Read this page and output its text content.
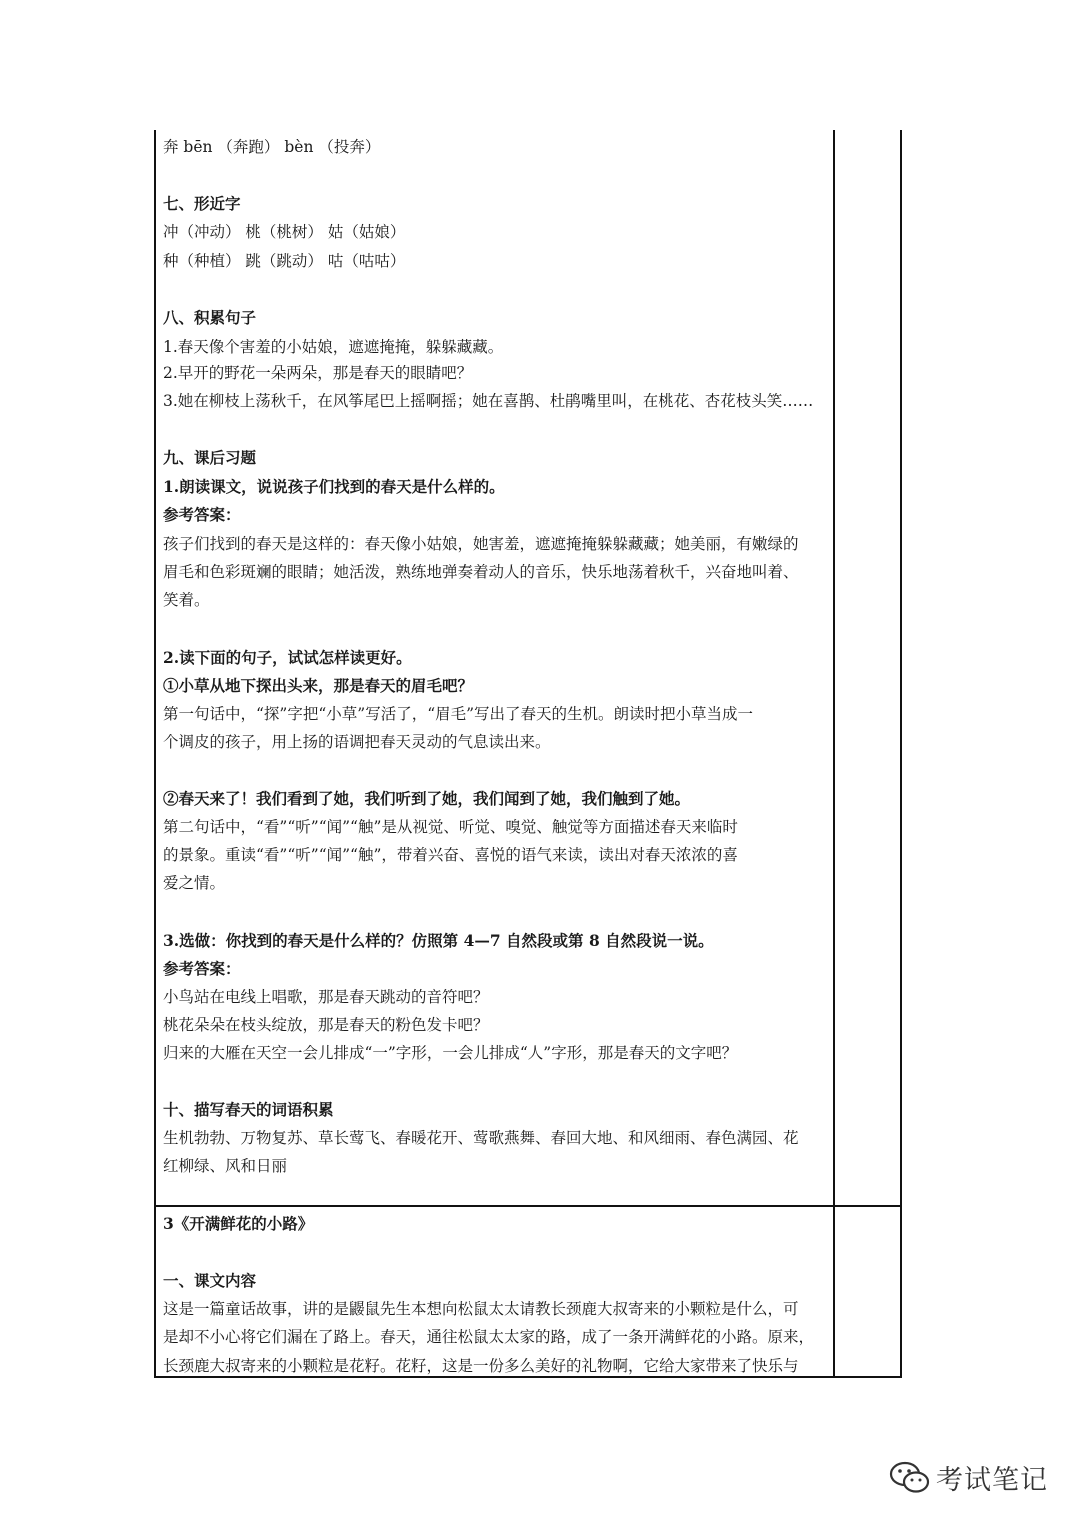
奔 bēn （奔跑） bèn （投奔）
七、形近字
冲（冲动） 桃（桃树） 姑（姑娘）
种（种植） 跳（跳动） 咕（咕咕）
八、积累句子
1.春天像个害羞的小姑娘，遮遮掩掩，躲躲藏藏。
2.早开的野花一朵两朵，那是春天的眼睛吧？
3.她在柳枝上荡秋千，在风筝尾巴上摇啊摇；她在喜鹊、杜鹃嘴里叫，在桃花、杏花枝头笑……
九、课后习题
1.朗读课文，说说孩子们找到的春天是什么样的。
参考答案：
孩子们找到的春天是这样的：春天像小姑娘，她害羞，遮遮掩掩躲躲藏藏；她美丽，有嫩绿的
眉毛和色彩斑斓的眼睛；她活泼，熟练地弹奏着动人的音乐，快乐地荡着秋千，兴奋地叫着、
笑着。
2.读下面的句子，试试怎样读更好。
①小草从地下探出头来，那是春天的眉毛吧？
第一句话中，“探”字把“小草”写活了，“眉毛”写出了春天的生机。朗读时把小草当成一
个调皮的孩子，用上扬的语调把春天灵动的气息读出来。
②春天来了！我们看到了她，我们听到了她，我们闻到了她，我们触到了她。
第二句话中，“看”“听”“闻”“触”是从视觉、听觉、嗅觉、触觉等方面描述春天来临时
的景象。重读“看”“听”“闻”“触”，带着兴奋、喜悦的语气来读，读出对春天浓浓的喜
爱之情。
3.选做：你找到的春天是什么样的？仿照第 4—7 自然段或第 8 自然段说一说。
参考答案：
小鸟站在电线上唱歌，那是春天跳动的音符吧？
桃花朵朵在枝头绽放，那是春天的粉色发卡吧？
归来的大雁在天空一会儿排成“一”字形，一会儿排成“人”字形，那是春天的文字吧？
十、描写春天的词语积累
生机勃勃、万物复苏、草长莺飞、春暖花开、莺歌燕舞、春回大地、和风细雨、春色满园、花
红柳绿、风和日丽
3《开满鲜花的小路》
一、课文内容
这是一篇童话故事，讲的是鼹鼠先生本想向松鼠太太请教长颈鹿大叔寄来的小颗粒是什么，可
是却不小心将它们漏在了路上。春天，通往松鼠太太家的路，成了一条开满鲜花的小路。原来，
长颈鹿大叔寄来的小颗粒是花籽。花籽，这是一份多么美好的礼物啊，它给大家带来了快乐与
考试笔记
